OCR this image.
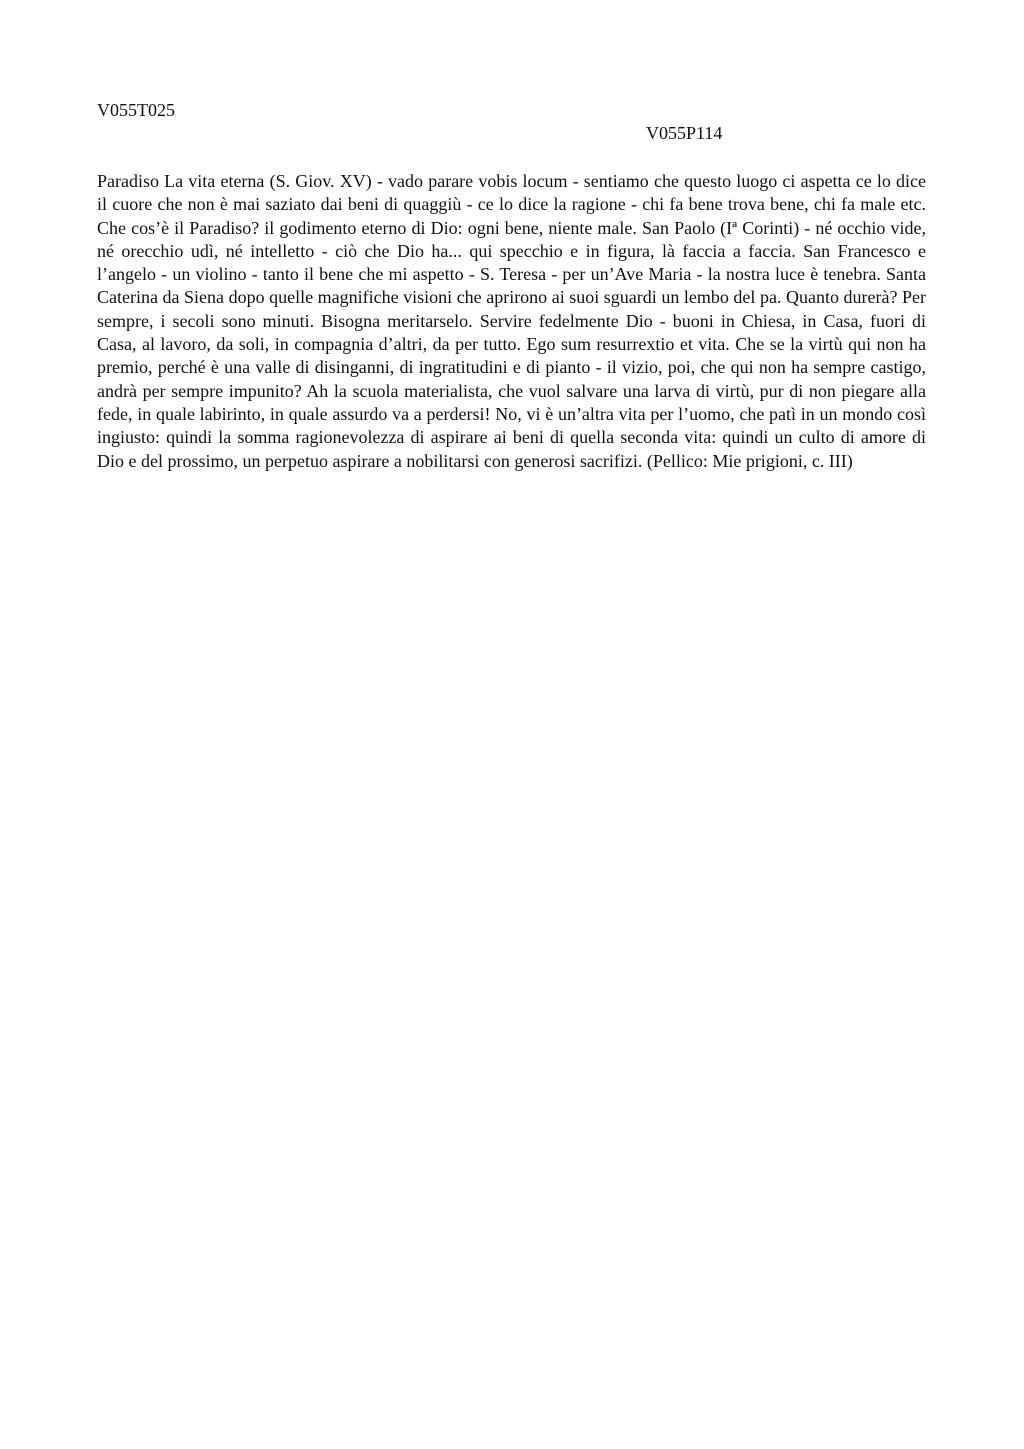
V055T025
V055P114

Paradiso La vita eterna (S. Giov. XV) - vado parare vobis locum - sentiamo che questo luogo ci aspetta ce lo dice il cuore che non è mai saziato dai beni di quaggiù - ce lo dice la ragione - chi fa bene trova bene, chi fa male etc. Che cos’è il Paradiso? il godimento eterno di Dio: ogni bene, niente male. San Paolo (Iª Corinti) - né occhio vide, né orecchio udì, né intelletto - ciò che Dio ha... qui specchio e in figura, là faccia a faccia. San Francesco e l’angelo - un violino - tanto il bene che mi aspetto - S. Teresa - per un’Ave Maria - la nostra luce è tenebra. Santa Caterina da Siena dopo quelle magnifiche visioni che aprirono ai suoi sguardi un lembo del pa. Quanto durerà? Per sempre, i secoli sono minuti. Bisogna meritarselo. Servire fedelmente Dio - buoni in Chiesa, in Casa, fuori di Casa, al lavoro, da soli, in compagnia d’altri, da per tutto. Ego sum resurrextio et vita. Che se la virtù qui non ha premio, perché è una valle di disinganni, di ingratitudini e di pianto - il vizio, poi, che qui non ha sempre castigo, andrà per sempre impunito? Ah la scuola materialista, che vuol salvare una larva di virtù, pur di non piegare alla fede, in quale labirinto, in quale assurdo va a perdersi! No, vi è un’altra vita per l’uomo, che patì in un mondo così ingiusto: quindi la somma ragionevolezza di aspirare ai beni di quella seconda vita: quindi un culto di amore di Dio e del prossimo, un perpetuo aspirare a nobilitarsi con generosi sacrifizi. (Pellico: Mie prigioni, c. III)
